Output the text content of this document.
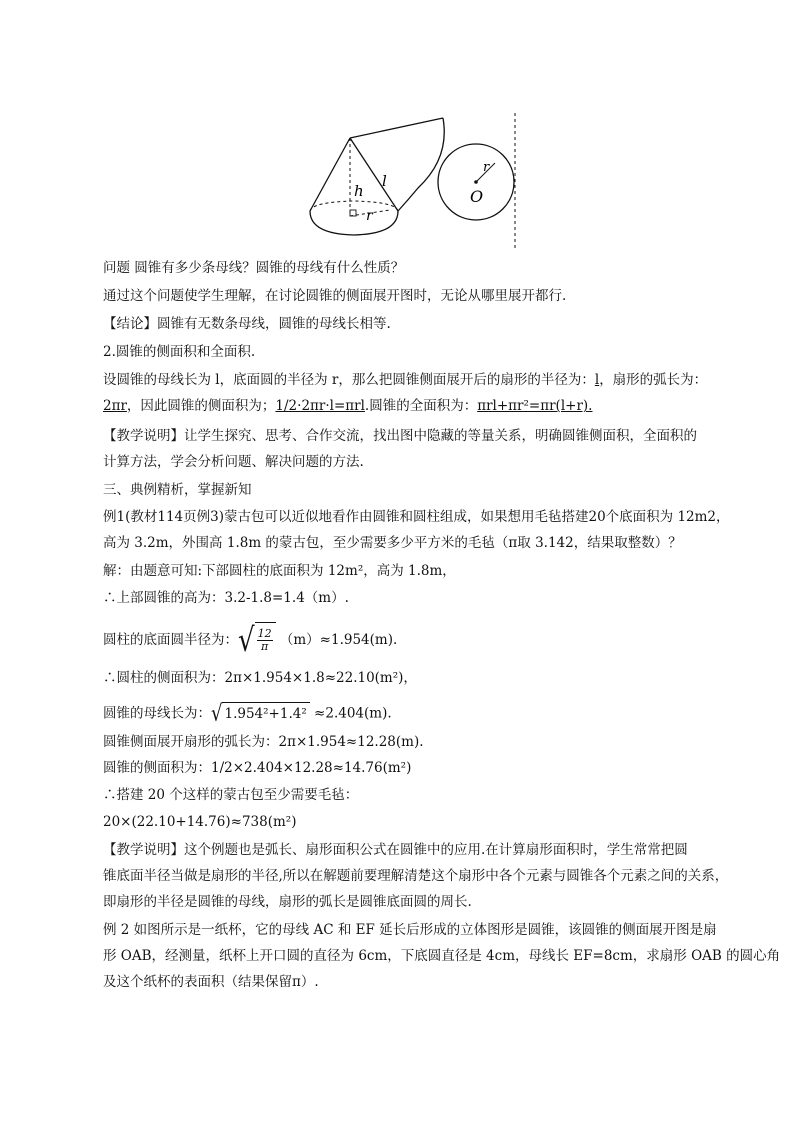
h
r
l
r
O
问题 圆锥有多少条母线？圆锥的母线有什么性质？
通过这个问题使学生理解，在讨论圆锥的侧面展开图时，无论从哪里展开都行.
【结论】圆锥有无数条母线，圆锥的母线长相等.
2.圆锥的侧面积和全面积.
设圆锥的母线长为 l，底面圆的半径为 r，那么把圆锥侧面展开后的扇形的半径为：l，扇形的弧长为：
2πr，因此圆锥的侧面积为；1/2·2πr·l=πrl.圆锥的全面积为：πrl+πr²=πr(l+r).
【教学说明】让学生探究、思考、合作交流，找出图中隐藏的等量关系，明确圆锥侧面积，全面积的
计算方法，学会分析问题、解决问题的方法.
三、典例精析，掌握新知
例1(教材114页例3)蒙古包可以近似地看作由圆锥和圆柱组成，如果想用毛毡搭建20个底面积为 12m2，
高为 3.2m，外围高 1.8m 的蒙古包，至少需要多少平方米的毛毡（π取 3.142，结果取整数）？
解：由题意可知:下部圆柱的底面积为 12m²，高为 1.8m，
∴上部圆锥的高为：3.2-1.8=1.4（m）.
圆柱的底面圆半径为：√ $\frac{12}{\pi} (m)\approx 1.954(m)$.
∴圆柱的侧面积为：2π×1.954×1.8≈22.10(m²)，
圆锥的母线长为：√ 1.954²+1.4² ≈2.404(m).
圆锥侧面展开扇形的弧长为：2π×1.954≈12.28(m).
圆锥的侧面积为：1/2×2.404×12.28≈14.76(m²)
∴搭建 20 个这样的蒙古包至少需要毛毡：
20×(22.10+14.76)≈738(m²)
【教学说明】这个例题也是弧长、扇形面积公式在圆锥中的应用.在计算扇形面积时，学生常常把圆
锥底面半径当做是扇形的半径,所以在解题前要理解清楚这个扇形中各个元素与圆锥各个元素之间的关系，
即扇形的半径是圆锥的母线，扇形的弧长是圆锥底面圆的周长.
例 2 如图所示是一纸杯，它的母线 AC 和 EF 延长后形成的立体图形是圆锥，该圆锥的侧面展开图是扇
形 OAB，经测量，纸杯上开口圆的直径为 6cm，下底圆直径是 4cm，母线长 EF=8cm，求扇形 OAB 的圆心角
及这个纸杯的表面积（结果保留π）.
